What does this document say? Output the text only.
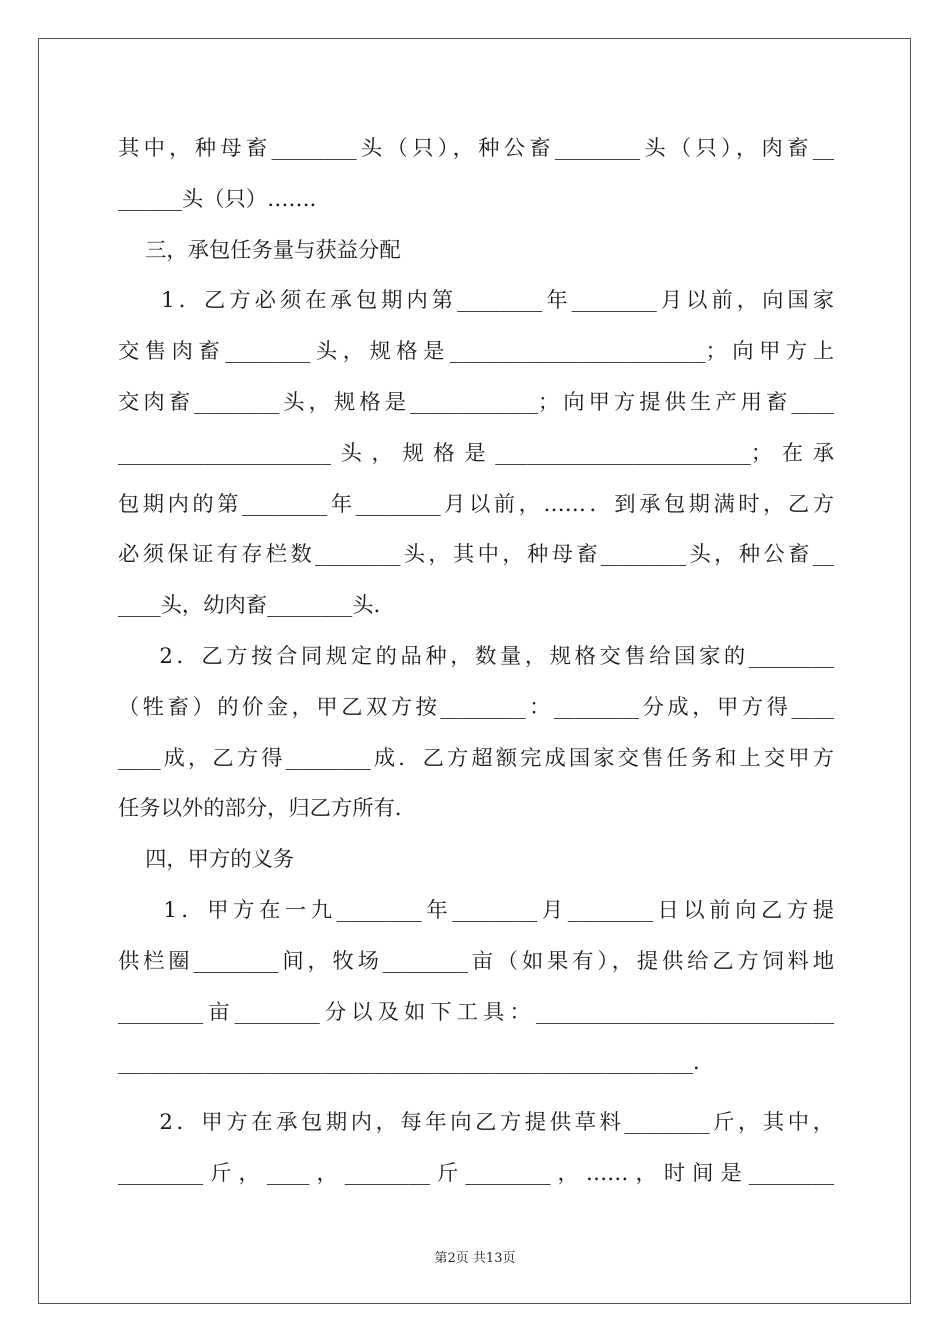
其中，种母畜________头（只），种公畜________头（只），肉畜__
______头（只）……．
三，承包任务量与获益分配
1．乙方必须在承包期内第________年________月以前，向国家
交售肉畜________头，规格是________________________；向甲方上
交肉畜________头，规格是____________；向甲方提供生产用畜____
____________________头，规格是________________________；在承
包期内的第________年________月以前，……．到承包期满时，乙方
必须保证有存栏数________头，其中，种母畜________头，种公畜__
____头，幼肉畜________头．
2．乙方按合同规定的品种，数量，规格交售给国家的________
（牲畜）的价金，甲乙双方按________：________分成，甲方得____
____成，乙方得________成．乙方超额完成国家交售任务和上交甲方
任务以外的部分，归乙方所有．
四，甲方的义务
1．甲方在一九________年________月________日以前向乙方提
供栏圈________间，牧场________亩（如果有），提供给乙方饲料地
________亩________分以及如下工具：____________________________
______________________________________________________．
2．甲方在承包期内，每年向乙方提供草料________斤，其中，
________斤，____，________斤________，……，时间是________
第2页 共13页
